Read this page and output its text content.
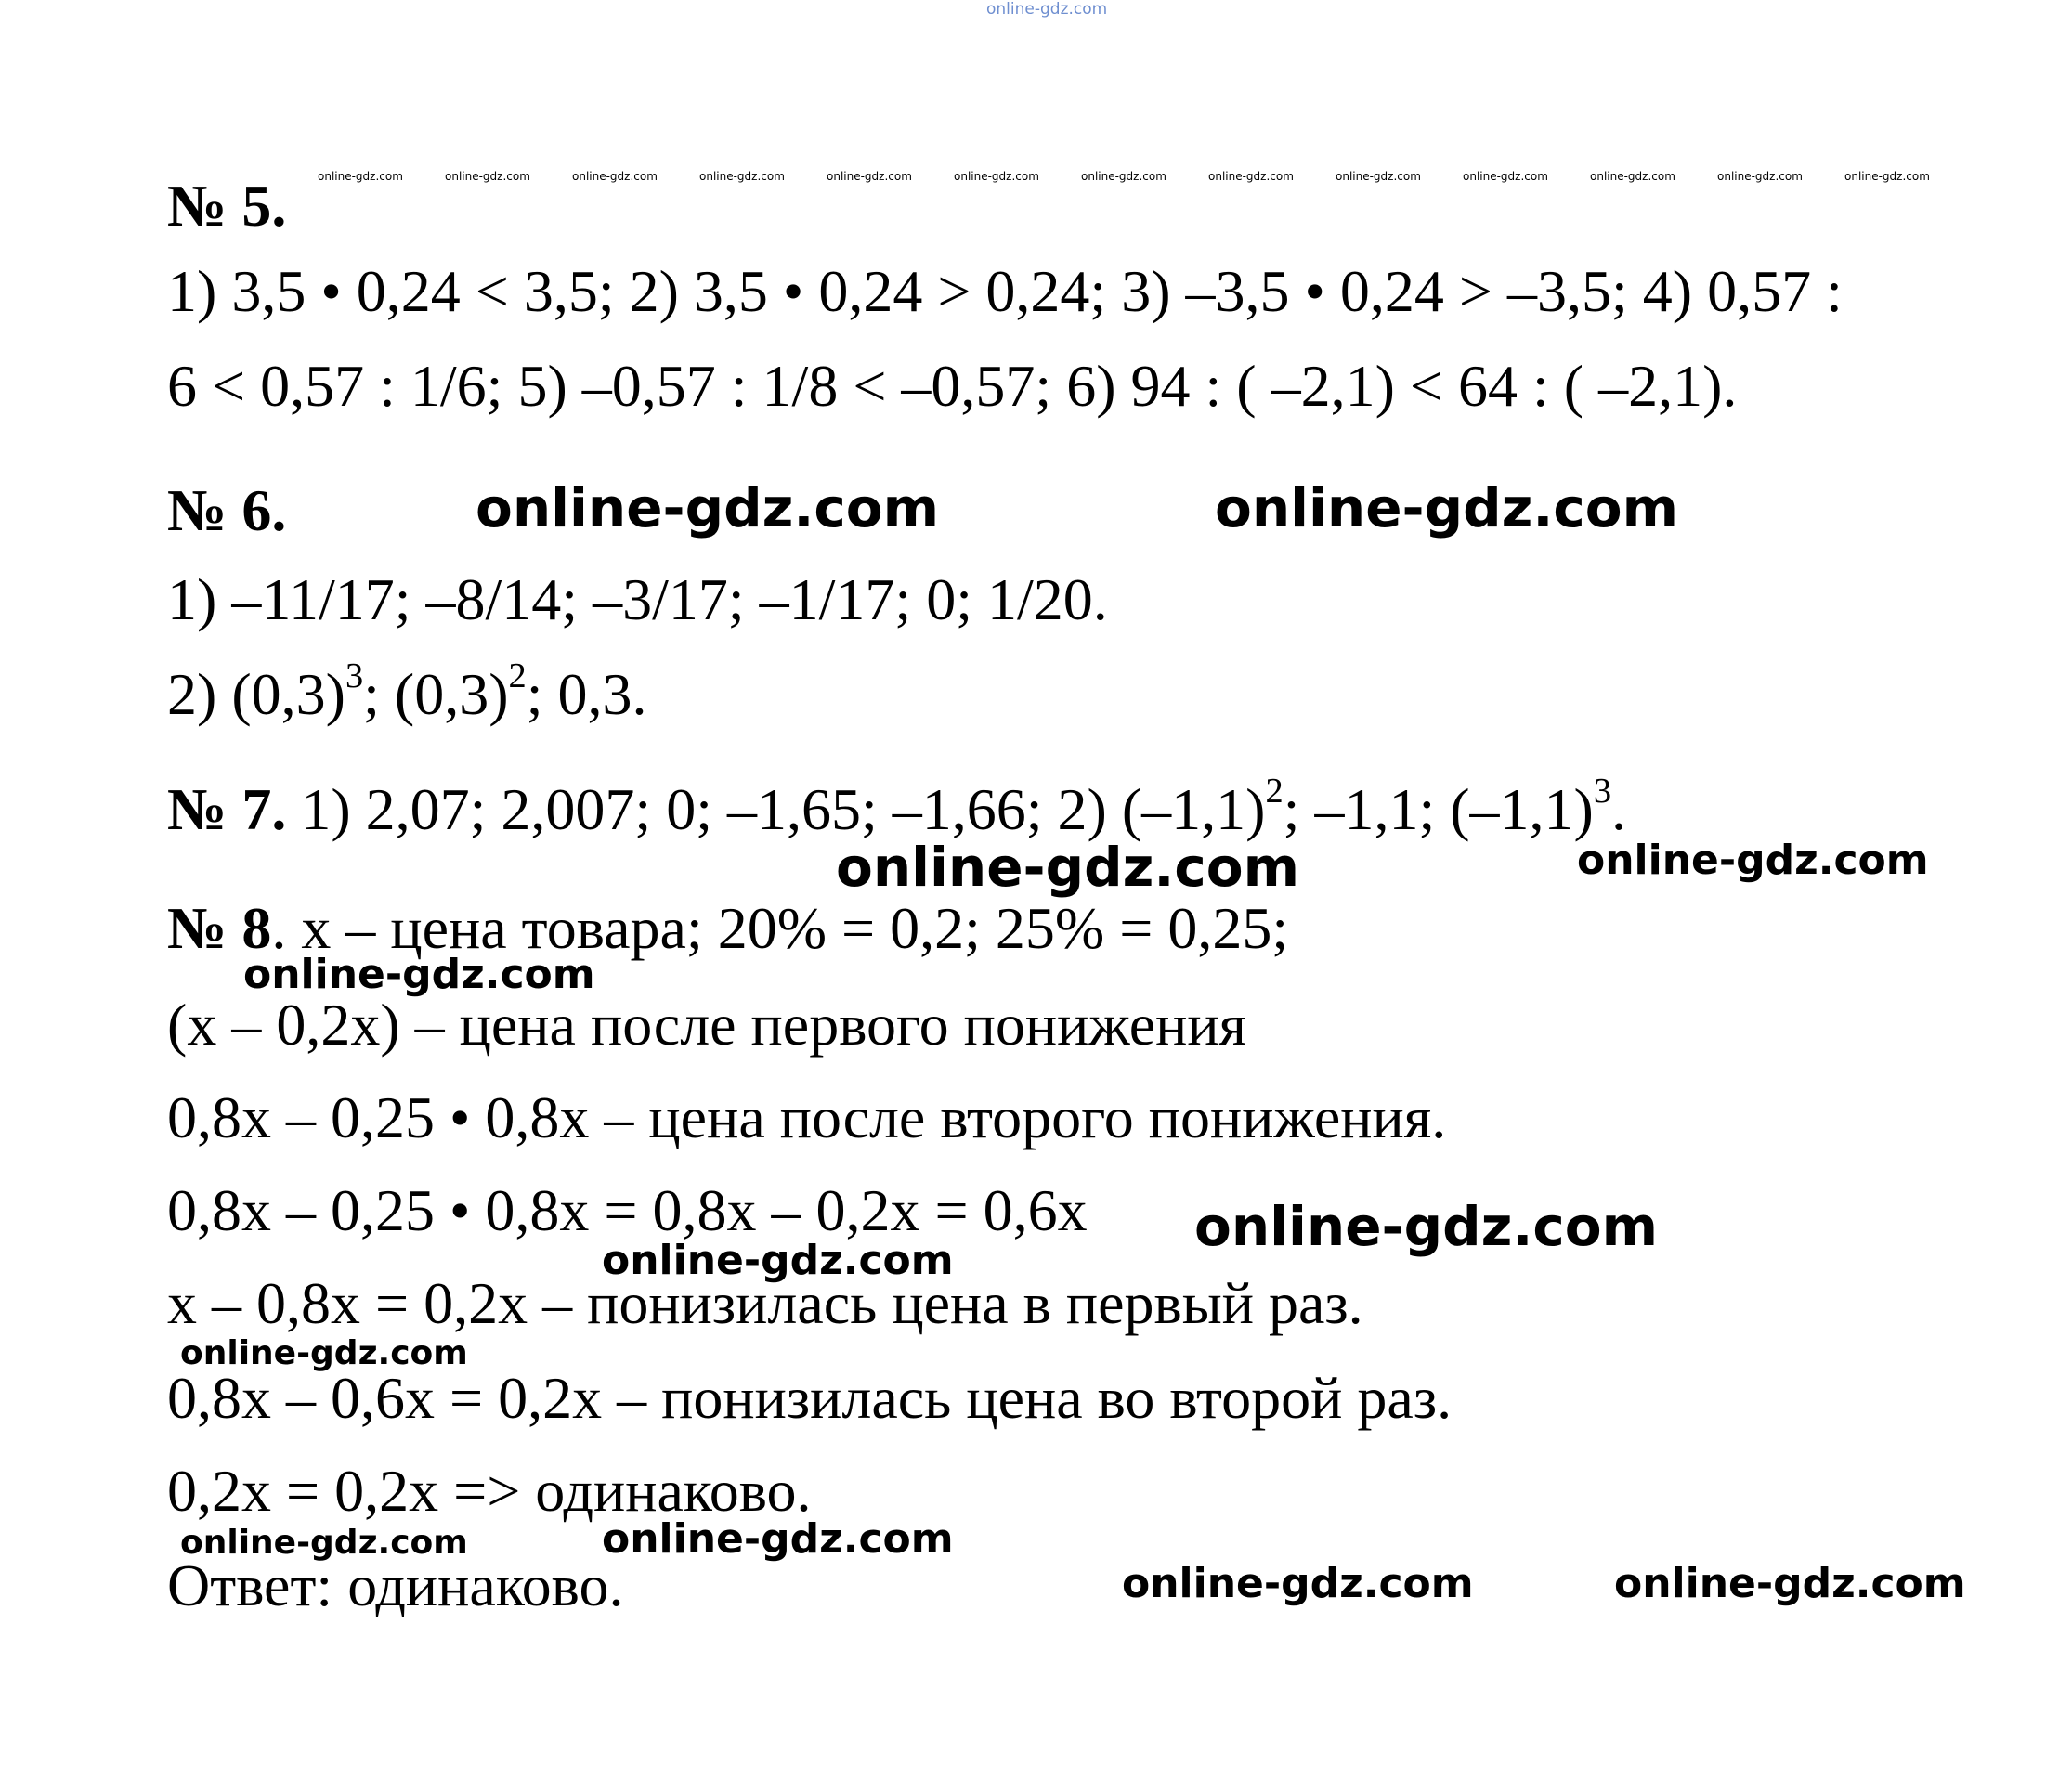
online-gdz.com
№ 5.	online-gdz.com	online-gdz.com	online-gdz.com	online-gdz.com	online-gdz.com	online-gdz.com	online-gdz.com	online-gdz.com	online-gdz.com	online-gdz.com	online-gdz.com	online-gdz.com	online-gdz.com
1) 3,5 • 0,24 < 3,5; 2) 3,5 • 0,24 > 0,24; 3) –3,5 • 0,24 > –3,5; 4) 0,57 :
6 < 0,57 : 1/6; 5) –0,57 : 1/8 < –0,57; 6) 94 : ( –2,1) < 64 : ( –2,1).
№ 6.	online-gdz.com	online-gdz.com
1) –11/17; –8/14; –3/17; –1/17; 0; 1/20.
2) $(0,3)^3$; $(0,3)^2$; 0,3.
№ 7. 1) 2,07; 2,007; 0; –1,65; –1,66; 2) $(-1,1)^2$; –1,1; $(-1,1)^3$.
online-gdz.com	online-gdz.com
№ 8. x – цена товара; 20% = 0,2; 25% = 0,25;
online-gdz.com
(x – 0,2x) – цена после первого понижения
0,8x – 0,25 • 0,8x – цена после второго понижения.
0,8x – 0,25 • 0,8x = 0,8x – 0,2x = 0,6x online-gdz.com
online-gdz.com
x – 0,8x = 0,2x – понизилась цена в первый раз.
online-gdz.com
0,8x – 0,6x = 0,2x – понизилась цена во второй раз.
0,2x = 0,2x => одинаково.
online-gdz.com	online-gdz.com
Ответ: одинаково.	online-gdz.com	online-gdz.com
